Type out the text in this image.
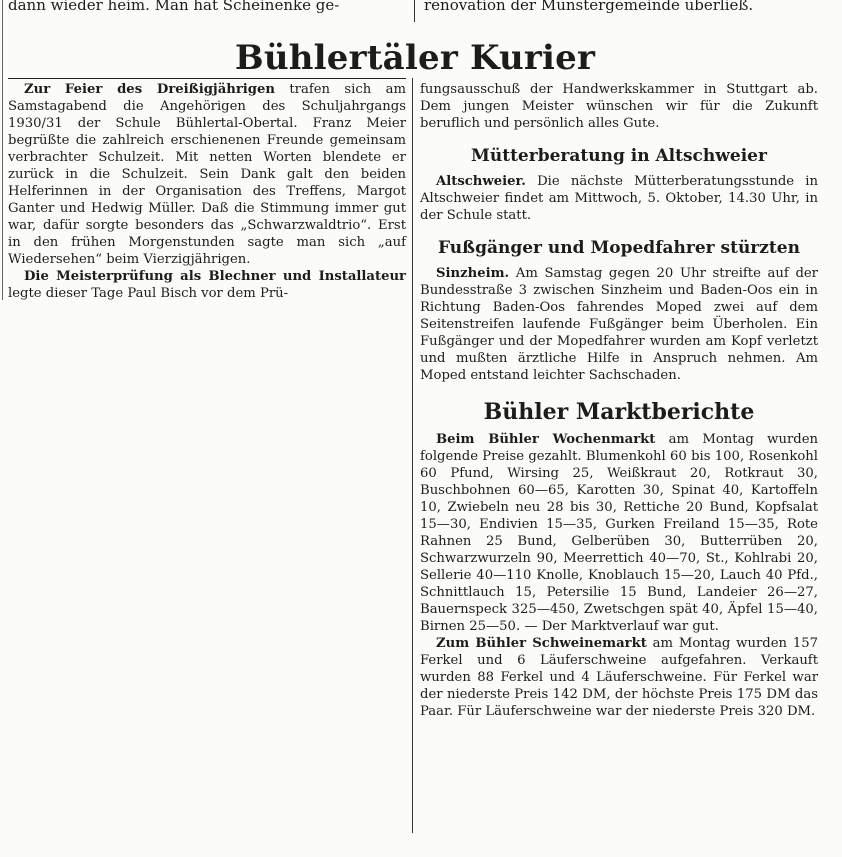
dann wieder heim. Man hat Scheinenke ge-	renovation der Münstergemeinde überließ.
Bühlertäler Kurier

Zur Feier des Dreißigjährigen trafen sich am Samstagabend die Angehörigen des Schuljahrgangs 1930/31 der Schule Bühlertal-Obertal. Franz Meier begrüßte die zahlreich erschienenen Freunde gemeinsam verbrachter Schulzeit. Mit netten Worten blendete er zurück in die Schulzeit. Sein Dank galt den beiden Helferinnen in der Organisation des Treffens, Margot Ganter und Hedwig Müller. Daß die Stimmung immer gut war, dafür sorgte besonders das „Schwarzwaldtrio“. Erst in den frühen Morgenstunden sagte man sich „auf Wiedersehen“ beim Vierzigjährigen.

Die Meisterprüfung als Blechner und Installateur legte dieser Tage Paul Bisch vor dem Prü-

fungsausschuß der Handwerkskammer in Stuttgart ab. Dem jungen Meister wünschen wir für die Zukunft beruflich und persönlich alles Gute.

Mütterberatung in Altschweier

Altschweier. Die nächste Mütterberatungsstunde in Altschweier findet am Mittwoch, 5. Oktober, 14.30 Uhr, in der Schule statt.

Fußgänger und Mopedfahrer stürzten

Sinzheim. Am Samstag gegen 20 Uhr streifte auf der Bundesstraße 3 zwischen Sinzheim und Baden-Oos ein in Richtung Baden-Oos fahrendes Moped zwei auf dem Seitenstreifen laufende Fußgänger beim Überholen. Ein Fußgänger und der Mopedfahrer wurden am Kopf verletzt und mußten ärztliche Hilfe in Anspruch nehmen. Am Moped entstand leichter Sachschaden.

Bühler Marktberichte

Beim Bühler Wochenmarkt am Montag wurden folgende Preise gezahlt. Blumenkohl 60 bis 100, Rosenkohl 60 Pfund, Wirsing 25, Weißkraut 20, Rotkraut 30, Buschbohnen 60—65, Karotten 30, Spinat 40, Kartoffeln 10, Zwiebeln neu 28 bis 30, Rettiche 20 Bund, Kopfsalat 15—30, Endivien 15—35, Gurken Freiland 15—35, Rote Rahnen 25 Bund, Gelberüben 30, Butterrüben 20, Schwarzwurzeln 90, Meerrettich 40—70, St., Kohlrabi 20, Sellerie 40—110 Knolle, Knoblauch 15—20, Lauch 40 Pfd., Schnittlauch 15, Petersilie 15 Bund, Landeier 26—27, Bauernspeck 325—450, Zwetschgen spät 40, Äpfel 15—40, Birnen 25—50. — Der Marktverlauf war gut.

Zum Bühler Schweinemarkt am Montag wurden 157 Ferkel und 6 Läuferschweine aufgefahren. Verkauft wurden 88 Ferkel und 4 Läuferschweine. Für Ferkel war der niederste Preis 142 DM, der höchste Preis 175 DM das Paar. Für Läuferschweine war der niederste Preis 320 DM.
